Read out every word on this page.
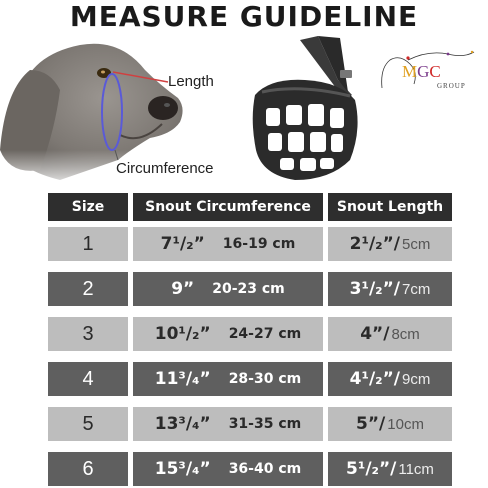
MEASURE GUIDELINE
Length
Circumference
MGC
GROUP
Size	Snout Circumference	Snout Length
1	7¹/₂” 16-19 cm	2¹/₂”/ 5cm
2	9” 20-23 cm	3¹/₂”/ 7cm
3	10¹/₂” 24-27 cm	4”/ 8cm
4	11³/₄” 28-30 cm	4¹/₂”/ 9cm
5	13³/₄” 31-35 cm	5”/ 10cm
6	15³/₄” 36-40 cm	5¹/₂”/ 11cm
